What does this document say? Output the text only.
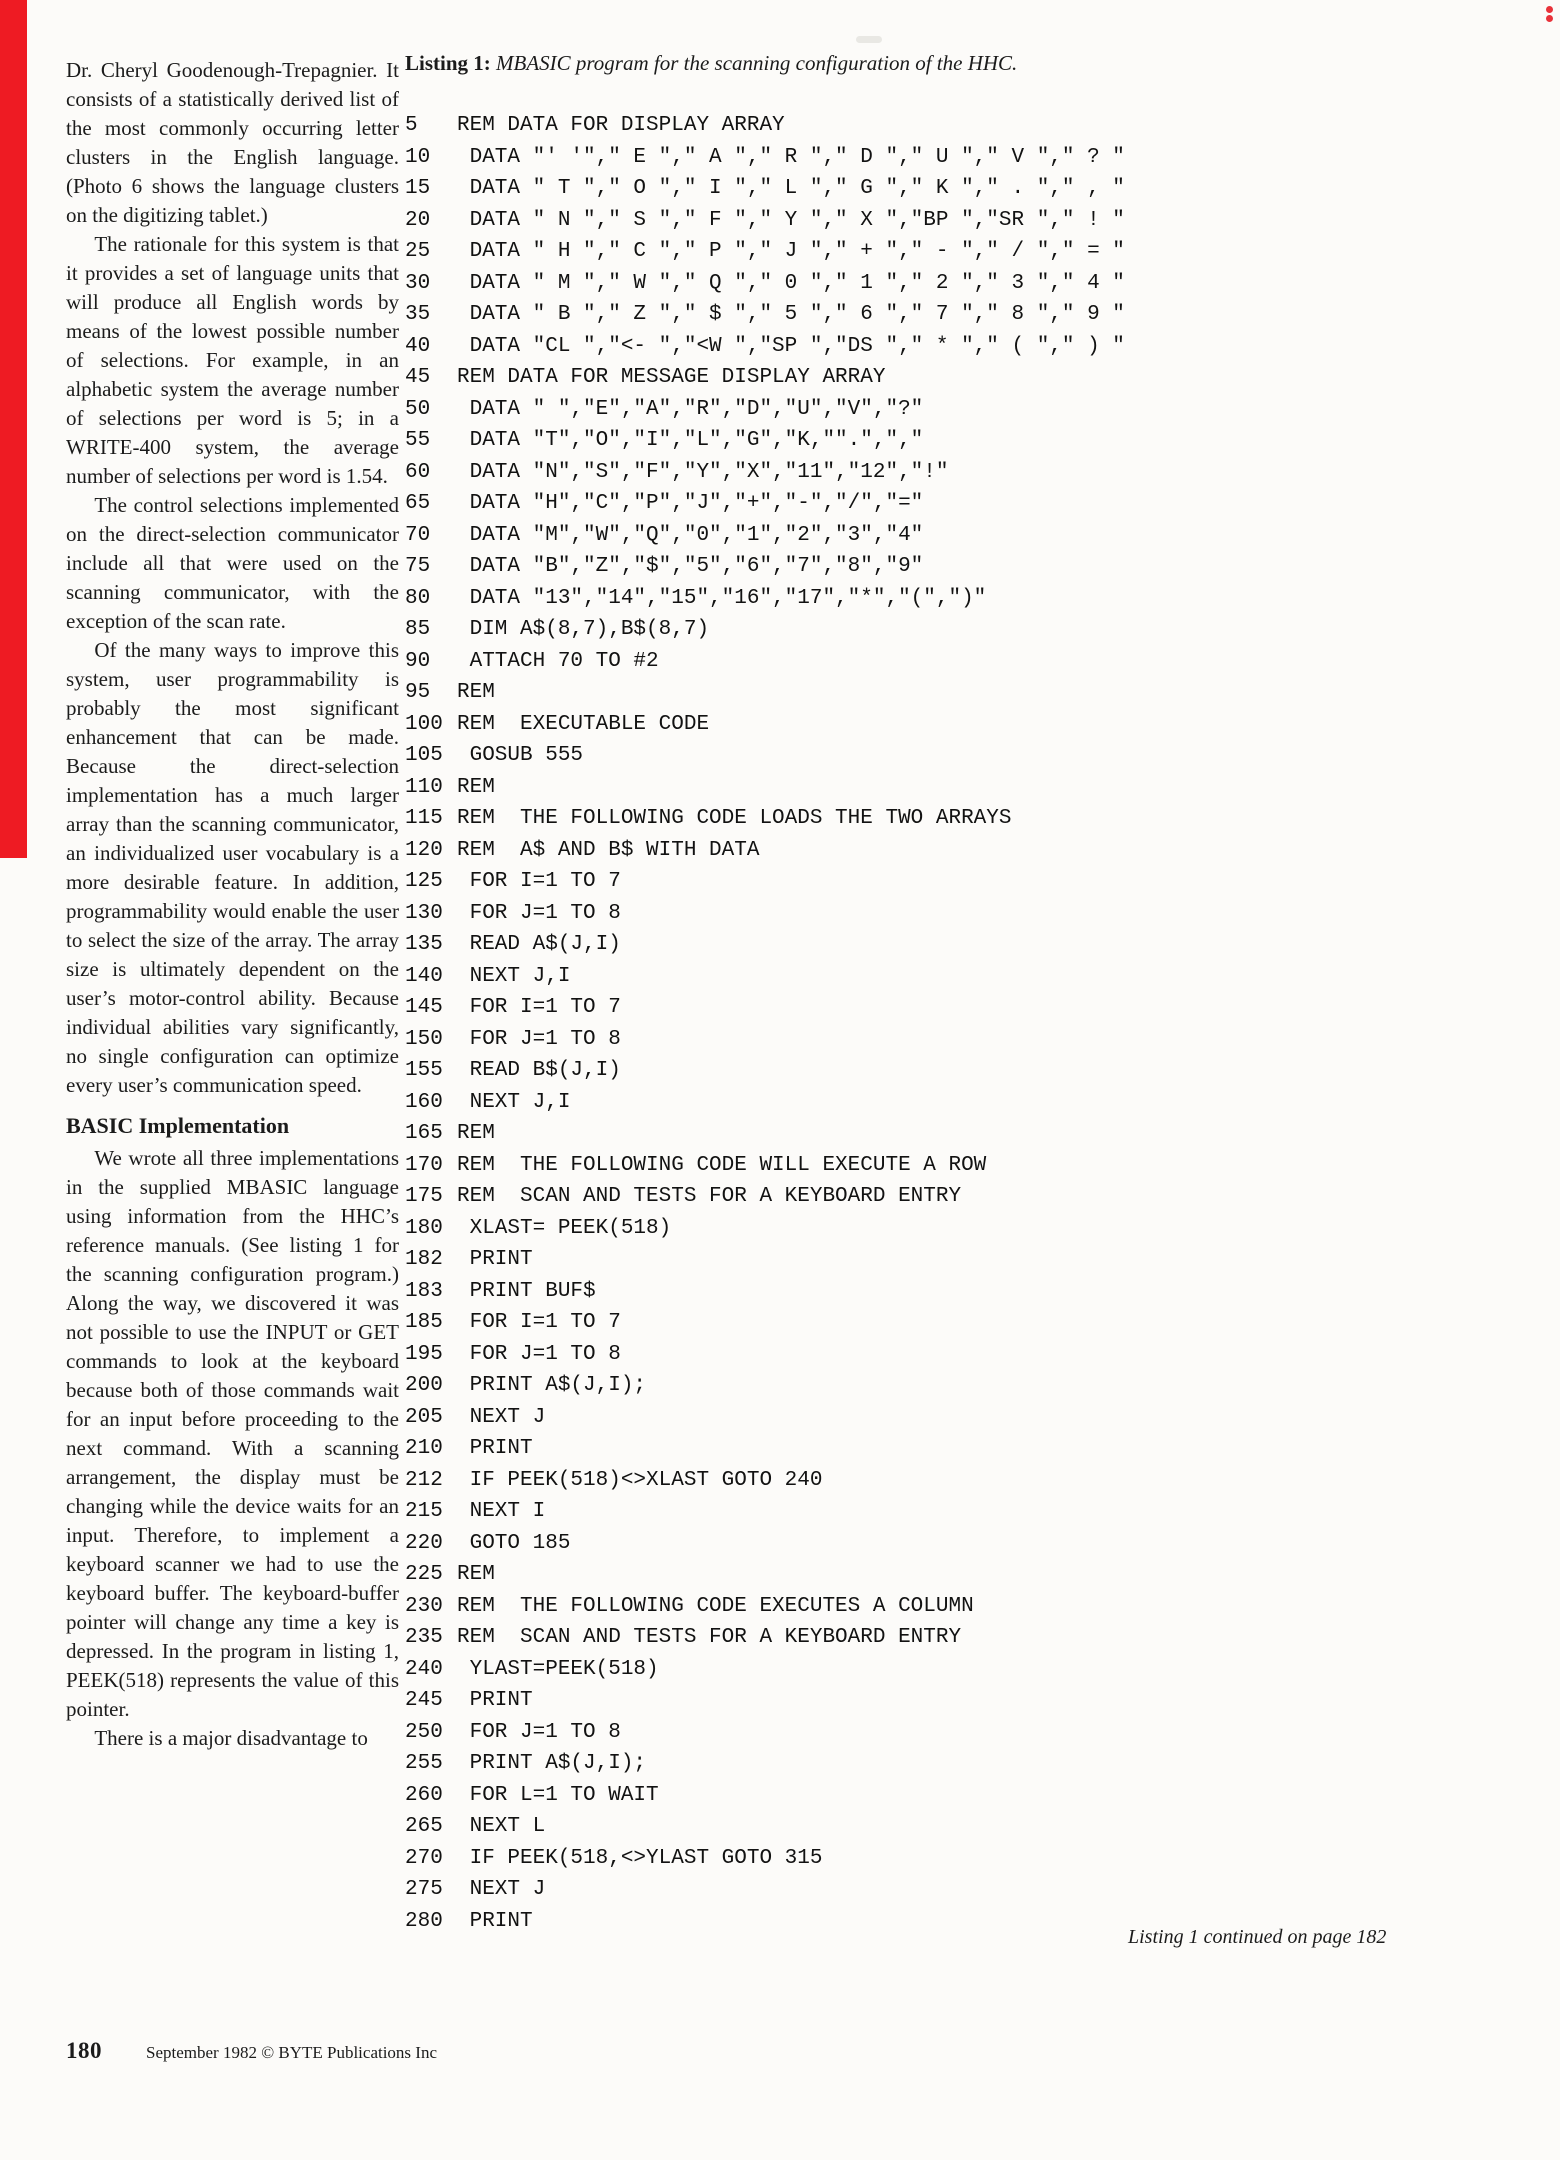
Dr. Cheryl Goodenough-Trepagnier. It consists of a statistically derived list of the most commonly occurring letter clusters in the English language. (Photo 6 shows the language clusters on the digitizing tablet.)

The rationale for this system is that it provides a set of language units that will produce all English words by means of the lowest possible number of selections. For example, in an alphabetic system the average number of selections per word is 5; in a WRITE-400 system, the average number of selections per word is 1.54.

The control selections implemented on the direct-selection communicator include all that were used on the scanning communicator, with the exception of the scan rate.

Of the many ways to improve this system, user programmability is probably the most significant enhancement that can be made. Because the direct-selection implementation has a much larger array than the scanning communicator, an individualized user vocabulary is a more desirable feature. In addition, programmability would enable the user to select the size of the array. The array size is ultimately dependent on the user’s motor-control ability. Because individual abilities vary significantly, no single configuration can optimize every user’s communication speed.

BASIC Implementation

We wrote all three implementations in the supplied MBASIC language using information from the HHC’s reference manuals. (See listing 1 for the scanning configuration program.) Along the way, we discovered it was not possible to use the INPUT or GET commands to look at the keyboard because both of those commands wait for an input before proceeding to the next command. With a scanning arrangement, the display must be changing while the device waits for an input. Therefore, to implement a keyboard scanner we had to use the keyboard buffer. The keyboard-buffer pointer will change any time a key is depressed. In the program in listing 1, PEEK(518) represents the value of this pointer.

There is a major disadvantage to

Listing 1: MBASIC program for the scanning configuration of the HHC.
5	REM DATA FOR DISPLAY ARRAY
10	DATA "' '"," E "," A "," R "," D "," U "," V "," ? "
15	DATA " T "," O "," I "," L "," G "," K "," . "," , "
20	DATA " N "," S "," F "," Y "," X ","BP ","SR "," ! "
25	DATA " H "," C "," P "," J "," + "," - "," / "," = "
30	DATA " M "," W "," Q "," 0 "," 1 "," 2 "," 3 "," 4 "
35	DATA " B "," Z "," $ "," 5 "," 6 "," 7 "," 8 "," 9 "
40	DATA "CL ","<- ","<W ","SP ","DS "," * "," ( "," ) "
45	REM DATA FOR MESSAGE DISPLAY ARRAY
50	DATA " ","E","A","R","D","U","V","?"
55	DATA "T","O","I","L","G","K,"".",","
60	DATA "N","S","F","Y","X","11","12","!"
65	DATA "H","C","P","J","+","-","/","="
70	DATA "M","W","Q","0","1","2","3","4"
75	DATA "B","Z","$","5","6","7","8","9"
80	DATA "13","14","15","16","17","*","(",")"
85	DIM A$(8,7),B$(8,7)
90	ATTACH 70 TO #2
95	REM
100 REM  EXECUTABLE CODE
105 GOSUB 555
110 REM
115 REM  THE FOLLOWING CODE LOADS THE TWO ARRAYS
120 REM  A$ AND B$ WITH DATA
125 FOR I=1 TO 7
130 FOR J=1 TO 8
135 READ A$(J,I)
140 NEXT J,I
145 FOR I=1 TO 7
150 FOR J=1 TO 8
155 READ B$(J,I)
160 NEXT J,I
165 REM
170 REM  THE FOLLOWING CODE WILL EXECUTE A ROW
175 REM  SCAN AND TESTS FOR A KEYBOARD ENTRY
180 XLAST= PEEK(518)
182 PRINT
183 PRINT BUF$
185 FOR I=1 TO 7
195 FOR J=1 TO 8
200 PRINT A$(J,I);
205 NEXT J
210 PRINT
212 IF PEEK(518)<>XLAST GOTO 240
215 NEXT I
220 GOTO 185
225 REM
230 REM  THE FOLLOWING CODE EXECUTES A COLUMN
235 REM  SCAN AND TESTS FOR A KEYBOARD ENTRY
240 YLAST=PEEK(518)
245 PRINT
250 FOR J=1 TO 8
255 PRINT A$(J,I);
260 FOR L=1 TO WAIT
265 NEXT L
270 IF PEEK(518,<>YLAST GOTO 315
275 NEXT J
280 PRINT
Listing 1 continued on page 182
180	September 1982 © BYTE Publications Inc
